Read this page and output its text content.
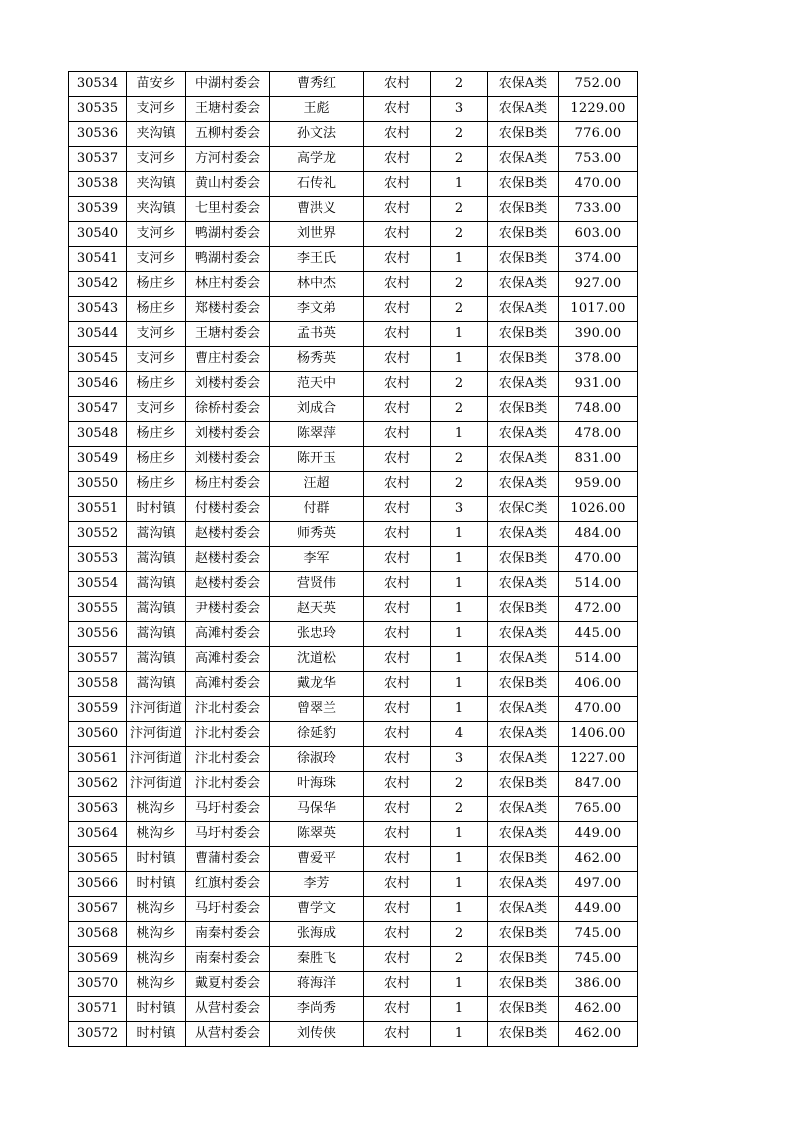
30534	苗安乡	中湖村委会	曹秀红	农村	2	农保A类	752.00
30535	支河乡	王塘村委会	王彪	农村	3	农保A类	1229.00
30536	夹沟镇	五柳村委会	孙文法	农村	2	农保B类	776.00
30537	支河乡	方河村委会	高学龙	农村	2	农保A类	753.00
30538	夹沟镇	黄山村委会	石传礼	农村	1	农保B类	470.00
30539	夹沟镇	七里村委会	曹洪义	农村	2	农保B类	733.00
30540	支河乡	鸭湖村委会	刘世界	农村	2	农保B类	603.00
30541	支河乡	鸭湖村委会	李王氏	农村	1	农保B类	374.00
30542	杨庄乡	林庄村委会	林中杰	农村	2	农保A类	927.00
30543	杨庄乡	郑楼村委会	李文弟	农村	2	农保A类	1017.00
30544	支河乡	王塘村委会	孟书英	农村	1	农保B类	390.00
30545	支河乡	曹庄村委会	杨秀英	农村	1	农保B类	378.00
30546	杨庄乡	刘楼村委会	范天中	农村	2	农保A类	931.00
30547	支河乡	徐桥村委会	刘成合	农村	2	农保B类	748.00
30548	杨庄乡	刘楼村委会	陈翠萍	农村	1	农保A类	478.00
30549	杨庄乡	刘楼村委会	陈开玉	农村	2	农保A类	831.00
30550	杨庄乡	杨庄村委会	汪超	农村	2	农保A类	959.00
30551	时村镇	付楼村委会	付群	农村	3	农保C类	1026.00
30552	蒿沟镇	赵楼村委会	师秀英	农村	1	农保A类	484.00
30553	蒿沟镇	赵楼村委会	李军	农村	1	农保B类	470.00
30554	蒿沟镇	赵楼村委会	营贤伟	农村	1	农保A类	514.00
30555	蒿沟镇	尹楼村委会	赵天英	农村	1	农保B类	472.00
30556	蒿沟镇	高滩村委会	张忠玲	农村	1	农保A类	445.00
30557	蒿沟镇	高滩村委会	沈道松	农村	1	农保A类	514.00
30558	蒿沟镇	高滩村委会	戴龙华	农村	1	农保B类	406.00
30559	汴河街道	汴北村委会	曾翠兰	农村	1	农保A类	470.00
30560	汴河街道	汴北村委会	徐延豹	农村	4	农保A类	1406.00
30561	汴河街道	汴北村委会	徐淑玲	农村	3	农保A类	1227.00
30562	汴河街道	汴北村委会	叶海珠	农村	2	农保B类	847.00
30563	桃沟乡	马圩村委会	马保华	农村	2	农保A类	765.00
30564	桃沟乡	马圩村委会	陈翠英	农村	1	农保A类	449.00
30565	时村镇	曹蒲村委会	曹爱平	农村	1	农保B类	462.00
30566	时村镇	红旗村委会	李芳	农村	1	农保A类	497.00
30567	桃沟乡	马圩村委会	曹学文	农村	1	农保A类	449.00
30568	桃沟乡	南秦村委会	张海成	农村	2	农保B类	745.00
30569	桃沟乡	南秦村委会	秦胜飞	农村	2	农保B类	745.00
30570	桃沟乡	戴夏村委会	蒋海洋	农村	1	农保B类	386.00
30571	时村镇	从营村委会	李尚秀	农村	1	农保B类	462.00
30572	时村镇	从营村委会	刘传侠	农村	1	农保B类	462.00
